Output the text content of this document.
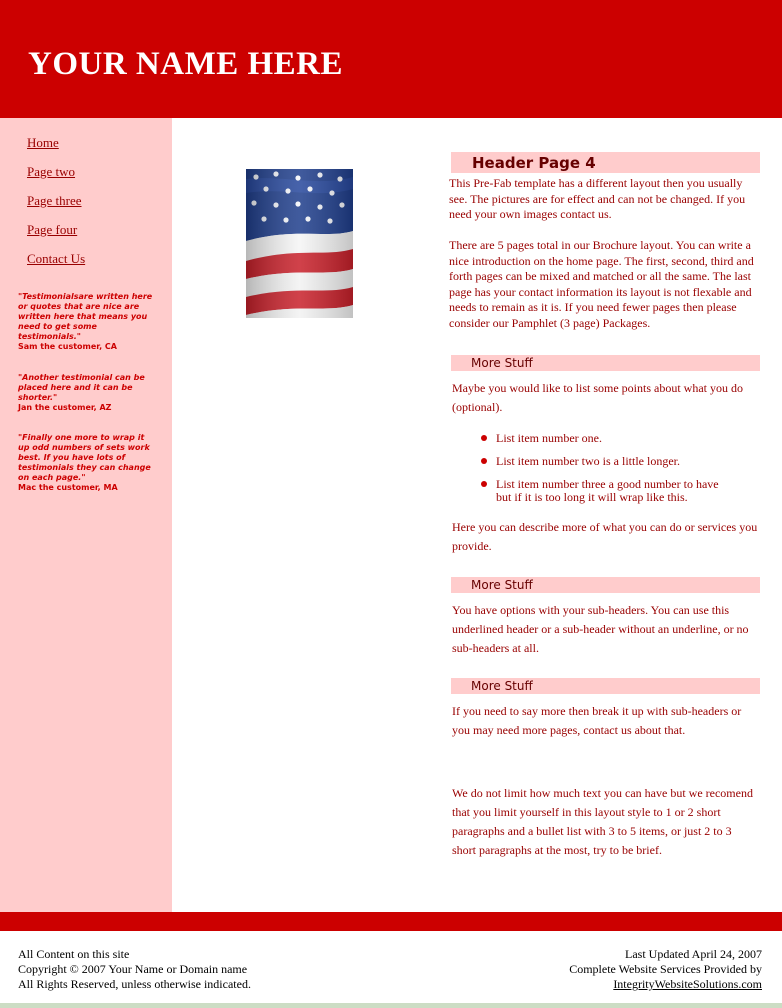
YOUR NAME HERE
Home
Page two
Page three
Page four
Contact Us
"Testimonialsare written here or quotes that are nice are written here that means you need to get some testimonials."
Sam the customer, CA
"Another testimonial can be placed here and it can be shorter."
Jan the customer, AZ
"Finally one more to wrap it up odd numbers of sets work best. If you have lots of testimonials they can change on each page."
Mac the customer, MA
Header Page 4

This Pre-Fab template has a different layout then you usually see. The pictures are for effect and can not be changed. If you need your own images contact us.

There are 5 pages total in our Brochure layout. You can write a nice introduction on the home page. The first, second, third and forth pages can be mixed and matched or all the same. The last page has your contact information its layout is not flexable and needs to remain as it is. If you need fewer pages then please consider our Pamphlet (3 page) Packages.

More Stuff

Maybe you would like to list some points about what you do (optional).

List item number one.
List item number two is a little longer.
List item number three a good number to have but if it is too long it will wrap like this.

Here you can describe more of what you can do or services you provide.

More Stuff

You have options with your sub-headers. You can use this underlined header or a sub-header without an underline, or no sub-headers at all.

More Stuff

If you need to say more then break it up with sub-headers or you may need more pages, contact us about that.

We do not limit how much text you can have but we recomend that you limit yourself in this layout style to 1 or 2 short paragraphs and a bullet list with 3 to 5 items, or just 2 to 3 short paragraphs at the most, try to be brief.

All Content on this site
Copyright © 2007 Your Name or Domain name
All Rights Reserved, unless otherwise indicated.
Last Updated April 24, 2007
Complete Website Services Provided by
IntegrityWebsiteSolutions.com
